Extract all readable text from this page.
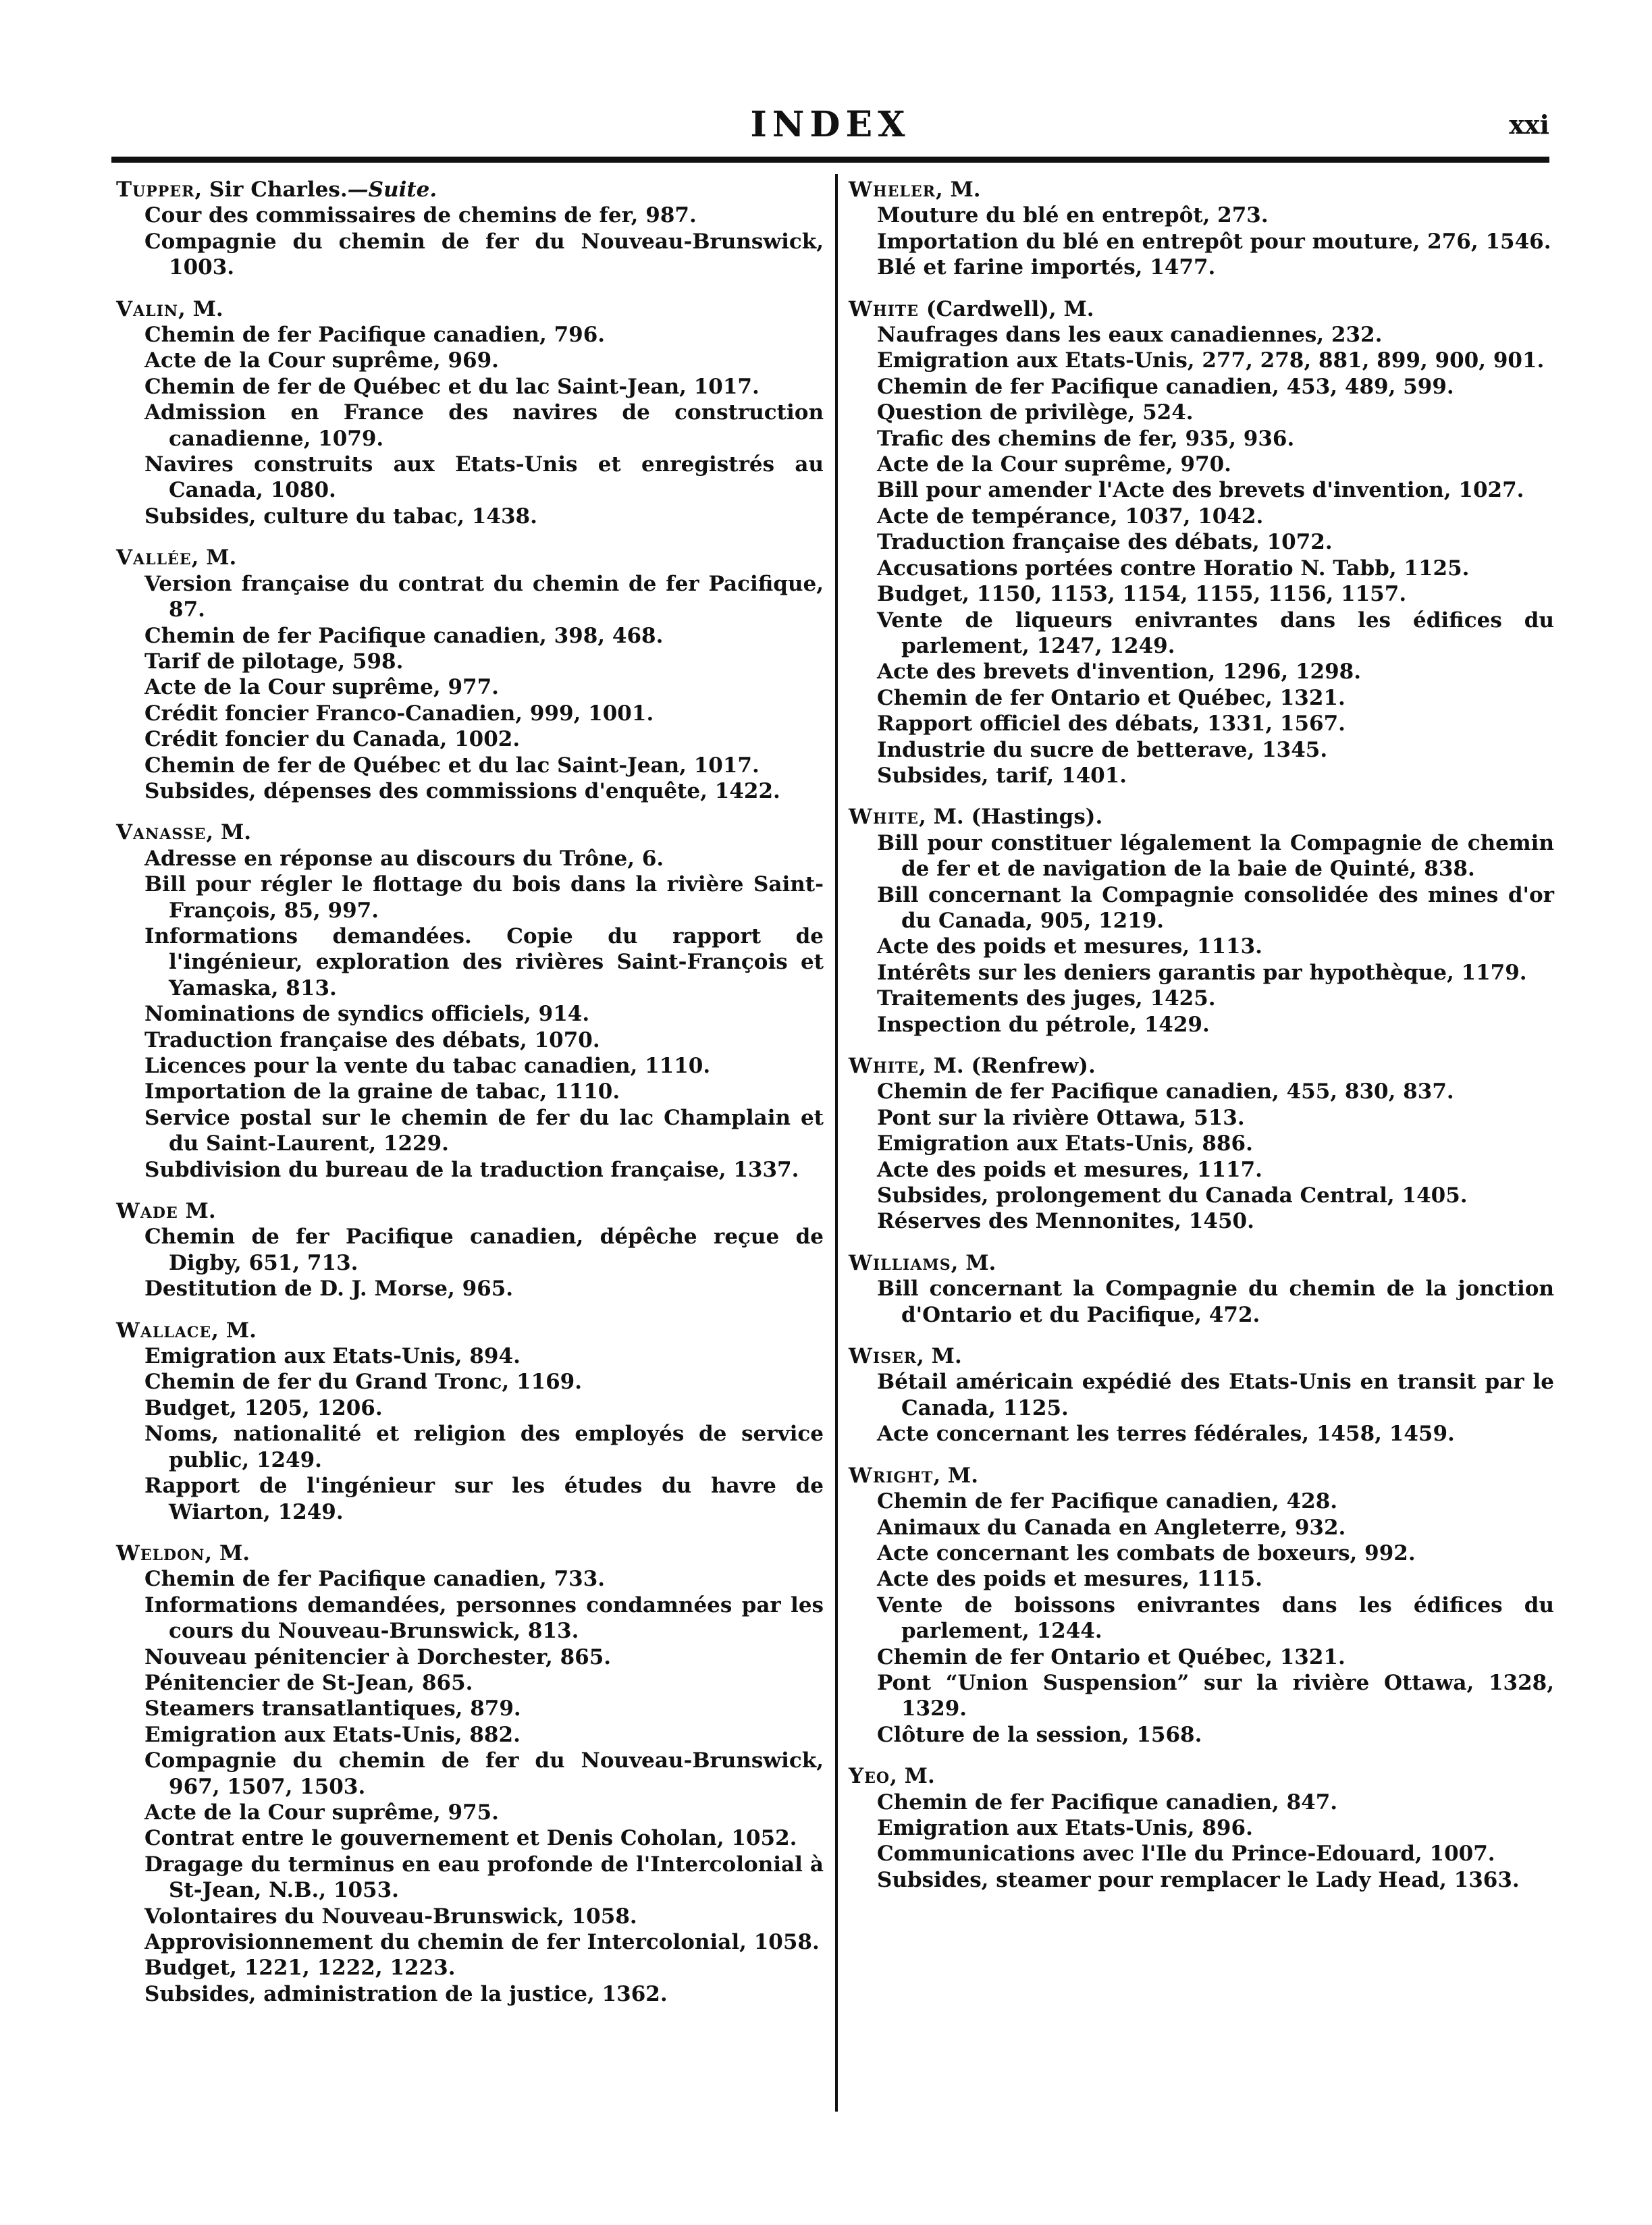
INDEX	xxi
Tupper, Sir Charles.—Suite.
Cour des commissaires de chemins de fer, 987.
Compagnie du chemin de fer du Nouveau-Brunswick, 1003.
Valin, M.
Chemin de fer Pacifique canadien, 796.
Acte de la Cour suprême, 969.
Chemin de fer de Québec et du lac Saint-Jean, 1017.
Admission en France des navires de construction canadienne, 1079.
Navires construits aux Etats-Unis et enregistrés au Canada, 1080.
Subsides, culture du tabac, 1438.
Vallée, M.
Version française du contrat du chemin de fer Pacifique, 87.
Chemin de fer Pacifique canadien, 398, 468.
Tarif de pilotage, 598.
Acte de la Cour suprême, 977.
Crédit foncier Franco-Canadien, 999, 1001.
Crédit foncier du Canada, 1002.
Chemin de fer de Québec et du lac Saint-Jean, 1017.
Subsides, dépenses des commissions d'enquête, 1422.
Vanasse, M.
Adresse en réponse au discours du Trône, 6.
Bill pour régler le flottage du bois dans la rivière Saint-François, 85, 997.
Informations demandées. Copie du rapport de l'ingénieur, exploration des rivières Saint-François et Yamaska, 813.
Nominations de syndics officiels, 914.
Traduction française des débats, 1070.
Licences pour la vente du tabac canadien, 1110.
Importation de la graine de tabac, 1110.
Service postal sur le chemin de fer du lac Champlain et du Saint-Laurent, 1229.
Subdivision du bureau de la traduction française, 1337.
Wade M.
Chemin de fer Pacifique canadien, dépêche reçue de Digby, 651, 713.
Destitution de D. J. Morse, 965.
Wallace, M.
Emigration aux Etats-Unis, 894.
Chemin de fer du Grand Tronc, 1169.
Budget, 1205, 1206.
Noms, nationalité et religion des employés de service public, 1249.
Rapport de l'ingénieur sur les études du havre de Wiarton, 1249.
Weldon, M.
Chemin de fer Pacifique canadien, 733.
Informations demandées, personnes condamnées par les cours du Nouveau-Brunswick, 813.
Nouveau pénitencier à Dorchester, 865.
Pénitencier de St-Jean, 865.
Steamers transatlantiques, 879.
Emigration aux Etats-Unis, 882.
Compagnie du chemin de fer du Nouveau-Brunswick, 967, 1507, 1503.
Acte de la Cour suprême, 975.
Contrat entre le gouvernement et Denis Coholan, 1052.
Dragage du terminus en eau profonde de l'Intercolonial à St-Jean, N.B., 1053.
Volontaires du Nouveau-Brunswick, 1058.
Approvisionnement du chemin de fer Intercolonial, 1058.
Budget, 1221, 1222, 1223.
Subsides, administration de la justice, 1362.
Wheler, M.
Mouture du blé en entrepôt, 273.
Importation du blé en entrepôt pour mouture, 276, 1546.
Blé et farine importés, 1477.
White (Cardwell), M.
Naufrages dans les eaux canadiennes, 232.
Emigration aux Etats-Unis, 277, 278, 881, 899, 900, 901.
Chemin de fer Pacifique canadien, 453, 489, 599.
Question de privilège, 524.
Trafic des chemins de fer, 935, 936.
Acte de la Cour suprême, 970.
Bill pour amender l'Acte des brevets d'invention, 1027.
Acte de tempérance, 1037, 1042.
Traduction française des débats, 1072.
Accusations portées contre Horatio N. Tabb, 1125.
Budget, 1150, 1153, 1154, 1155, 1156, 1157.
Vente de liqueurs enivrantes dans les édifices du parlement, 1247, 1249.
Acte des brevets d'invention, 1296, 1298.
Chemin de fer Ontario et Québec, 1321.
Rapport officiel des débats, 1331, 1567.
Industrie du sucre de betterave, 1345.
Subsides, tarif, 1401.
White, M. (Hastings).
Bill pour constituer légalement la Compagnie de chemin de fer et de navigation de la baie de Quinté, 838.
Bill concernant la Compagnie consolidée des mines d'or du Canada, 905, 1219.
Acte des poids et mesures, 1113.
Intérêts sur les deniers garantis par hypothèque, 1179.
Traitements des juges, 1425.
Inspection du pétrole, 1429.
White, M. (Renfrew).
Chemin de fer Pacifique canadien, 455, 830, 837.
Pont sur la rivière Ottawa, 513.
Emigration aux Etats-Unis, 886.
Acte des poids et mesures, 1117.
Subsides, prolongement du Canada Central, 1405.
Réserves des Mennonites, 1450.
Williams, M.
Bill concernant la Compagnie du chemin de la jonction d'Ontario et du Pacifique, 472.
Wiser, M.
Bétail américain expédié des Etats-Unis en transit par le Canada, 1125.
Acte concernant les terres fédérales, 1458, 1459.
Wright, M.
Chemin de fer Pacifique canadien, 428.
Animaux du Canada en Angleterre, 932.
Acte concernant les combats de boxeurs, 992.
Acte des poids et mesures, 1115.
Vente de boissons enivrantes dans les édifices du parlement, 1244.
Chemin de fer Ontario et Québec, 1321.
Pont “Union Suspension” sur la rivière Ottawa, 1328, 1329.
Clôture de la session, 1568.
Yeo, M.
Chemin de fer Pacifique canadien, 847.
Emigration aux Etats-Unis, 896.
Communications avec l'Ile du Prince-Edouard, 1007.
Subsides, steamer pour remplacer le Lady Head, 1363.
